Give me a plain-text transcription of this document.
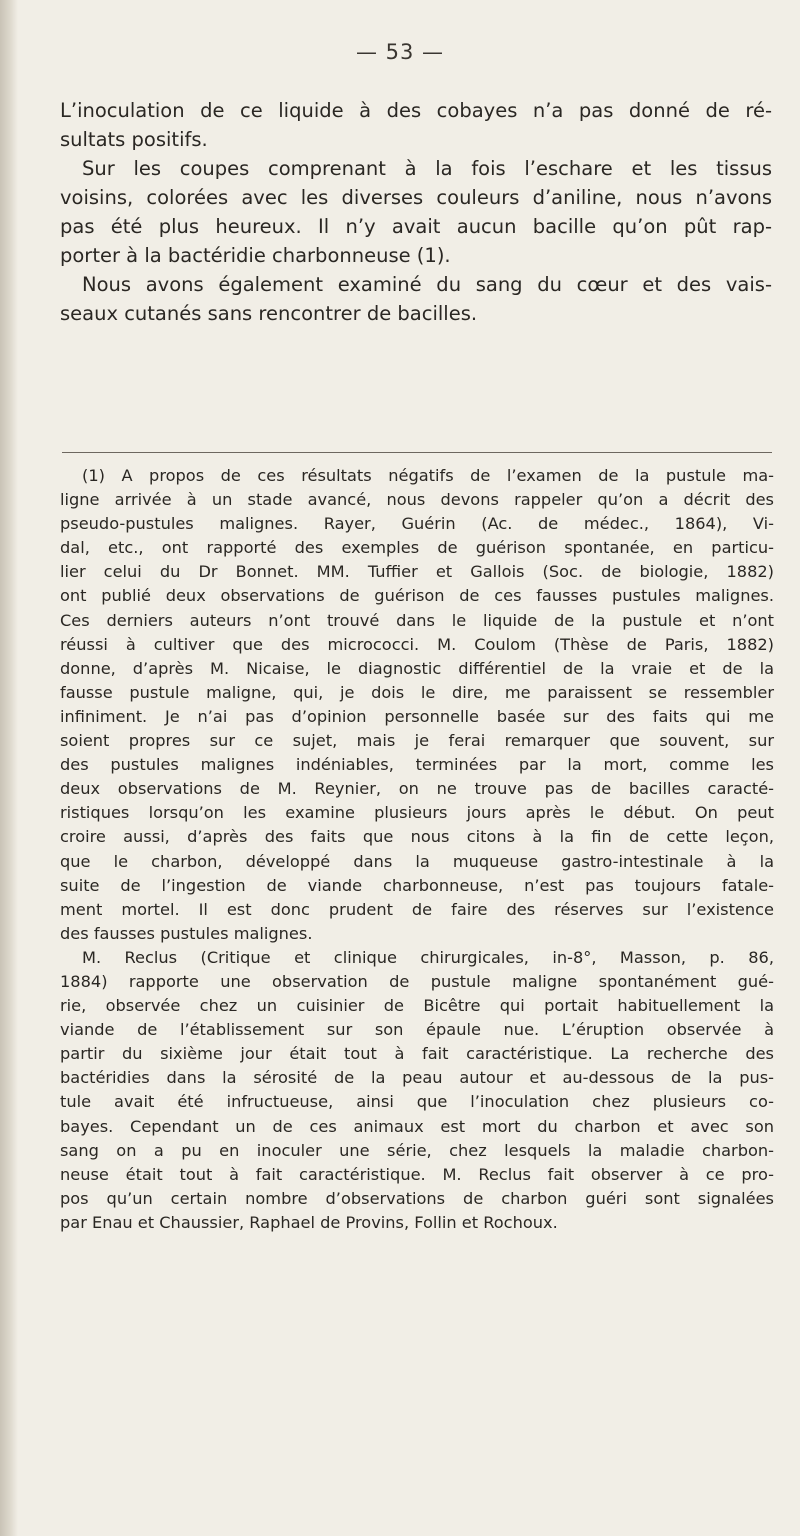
— 53 —
L’inoculation de ce liquide à des cobayes n’a pas donné de ré-
sultats positifs.
Sur les coupes comprenant à la fois l’eschare et les tissus
voisins, colorées avec les diverses couleurs d’aniline, nous n’avons
pas été plus heureux. Il n’y avait aucun bacille qu’on pût rap-
porter à la bactéridie charbonneuse (1).
Nous avons également examiné du sang du cœur et des vais-
seaux cutanés sans rencontrer de bacilles.
(1) A propos de ces résultats négatifs de l’examen de la pustule ma-
ligne arrivée à un stade avancé, nous devons rappeler qu’on a décrit des
pseudo-pustules malignes. Rayer, Guérin (Ac. de médec., 1864), Vi-
dal, etc., ont rapporté des exemples de guérison spontanée, en particu-
lier celui du Dr Bonnet. MM. Tuffier et Gallois (Soc. de biologie, 1882)
ont publié deux observations de guérison de ces fausses pustules malignes.
Ces derniers auteurs n’ont trouvé dans le liquide de la pustule et n’ont
réussi à cultiver que des micrococci. M. Coulom (Thèse de Paris, 1882)
donne, d’après M. Nicaise, le diagnostic différentiel de la vraie et de la
fausse pustule maligne, qui, je dois le dire, me paraissent se ressembler
infiniment. Je n’ai pas d’opinion personnelle basée sur des faits qui me
soient propres sur ce sujet, mais je ferai remarquer que souvent, sur
des pustules malignes indéniables, terminées par la mort, comme les
deux observations de M. Reynier, on ne trouve pas de bacilles caracté-
ristiques lorsqu’on les examine plusieurs jours après le début. On peut
croire aussi, d’après des faits que nous citons à la fin de cette leçon,
que le charbon, développé dans la muqueuse gastro-intestinale à la
suite de l’ingestion de viande charbonneuse, n’est pas toujours fatale-
ment mortel. Il est donc prudent de faire des réserves sur l’existence
des fausses pustules malignes.
M. Reclus (Critique et clinique chirurgicales, in-8°, Masson, p. 86,
1884) rapporte une observation de pustule maligne spontanément gué-
rie, observée chez un cuisinier de Bicêtre qui portait habituellement la
viande de l’établissement sur son épaule nue. L’éruption observée à
partir du sixième jour était tout à fait caractéristique. La recherche des
bactéridies dans la sérosité de la peau autour et au-dessous de la pus-
tule avait été infructueuse, ainsi que l’inoculation chez plusieurs co-
bayes. Cependant un de ces animaux est mort du charbon et avec son
sang on a pu en inoculer une série, chez lesquels la maladie charbon-
neuse était tout à fait caractéristique. M. Reclus fait observer à ce pro-
pos qu’un certain nombre d’observations de charbon guéri sont signalées
par Enau et Chaussier, Raphael de Provins, Follin et Rochoux.
